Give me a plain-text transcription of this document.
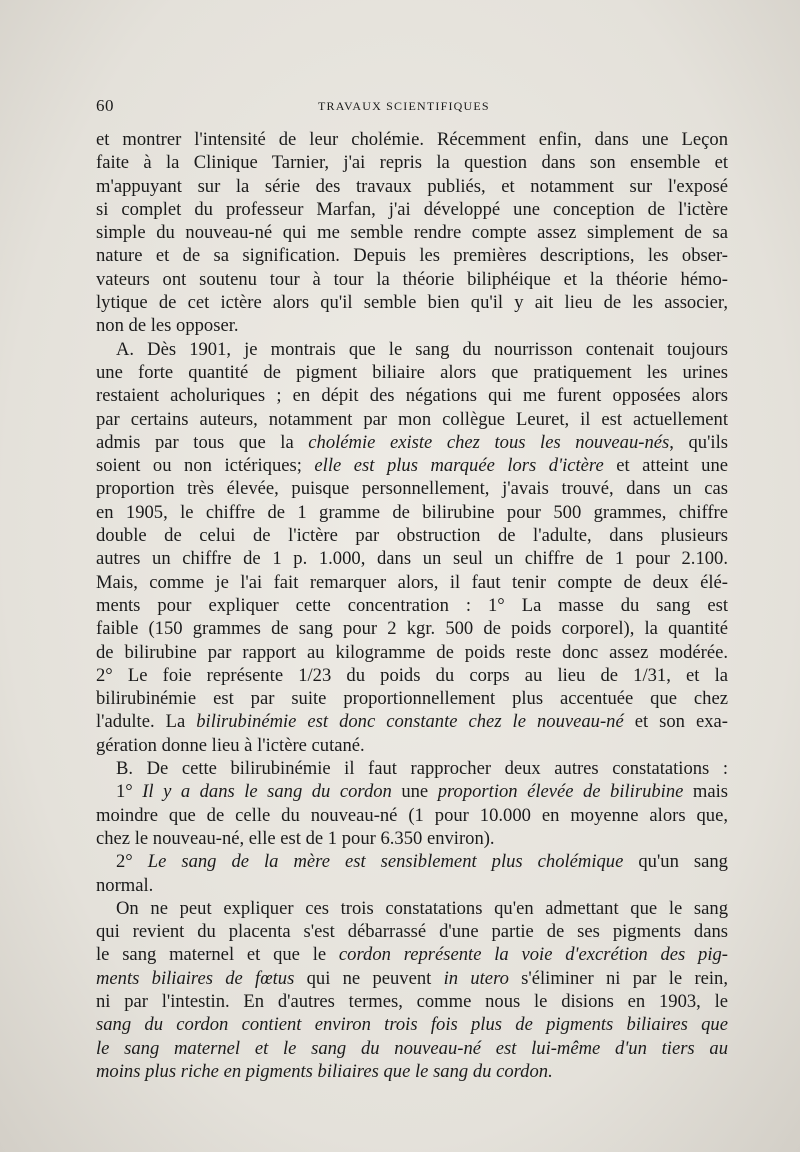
60	TRAVAUX SCIENTIFIQUES
et montrer l'intensité de leur cholémie. Récemment enfin, dans une Leçon
faite à la Clinique Tarnier, j'ai repris la question dans son ensemble et
m'appuyant sur la série des travaux publiés, et notamment sur l'exposé
si complet du professeur Marfan, j'ai développé une conception de l'ictère
simple du nouveau-né qui me semble rendre compte assez simplement de sa
nature et de sa signification. Depuis les premières descriptions, les obser-
vateurs ont soutenu tour à tour la théorie biliphéique et la théorie hémo-
lytique de cet ictère alors qu'il semble bien qu'il y ait lieu de les associer,
non de les opposer.
A. Dès 1901, je montrais que le sang du nourrisson contenait toujours
une forte quantité de pigment biliaire alors que pratiquement les urines
restaient acholuriques ; en dépit des négations qui me furent opposées alors
par certains auteurs, notamment par mon collègue Leuret, il est actuellement
admis par tous que la cholémie existe chez tous les nouveau-nés, qu'ils
soient ou non ictériques; elle est plus marquée lors d'ictère et atteint une
proportion très élevée, puisque personnellement, j'avais trouvé, dans un cas
en 1905, le chiffre de 1 gramme de bilirubine pour 500 grammes, chiffre
double de celui de l'ictère par obstruction de l'adulte, dans plusieurs
autres un chiffre de 1 p. 1.000, dans un seul un chiffre de 1 pour 2.100.
Mais, comme je l'ai fait remarquer alors, il faut tenir compte de deux élé-
ments pour expliquer cette concentration : 1° La masse du sang est
faible (150 grammes de sang pour 2 kgr. 500 de poids corporel), la quantité
de bilirubine par rapport au kilogramme de poids reste donc assez modérée.
2° Le foie représente 1/23 du poids du corps au lieu de 1/31, et la
bilirubinémie est par suite proportionnellement plus accentuée que chez
l'adulte. La bilirubinémie est donc constante chez le nouveau-né et son exa-
gération donne lieu à l'ictère cutané.
B. De cette bilirubinémie il faut rapprocher deux autres constatations :
1° Il y a dans le sang du cordon une proportion élevée de bilirubine mais
moindre que de celle du nouveau-né (1 pour 10.000 en moyenne alors que,
chez le nouveau-né, elle est de 1 pour 6.350 environ).
2° Le sang de la mère est sensiblement plus cholémique qu'un sang
normal.
On ne peut expliquer ces trois constatations qu'en admettant que le sang
qui revient du placenta s'est débarrassé d'une partie de ses pigments dans
le sang maternel et que le cordon représente la voie d'excrétion des pig-
ments biliaires de fœtus qui ne peuvent in utero s'éliminer ni par le rein,
ni par l'intestin. En d'autres termes, comme nous le disions en 1903, le
sang du cordon contient environ trois fois plus de pigments biliaires que
le sang maternel et le sang du nouveau-né est lui-même d'un tiers au
moins plus riche en pigments biliaires que le sang du cordon.
